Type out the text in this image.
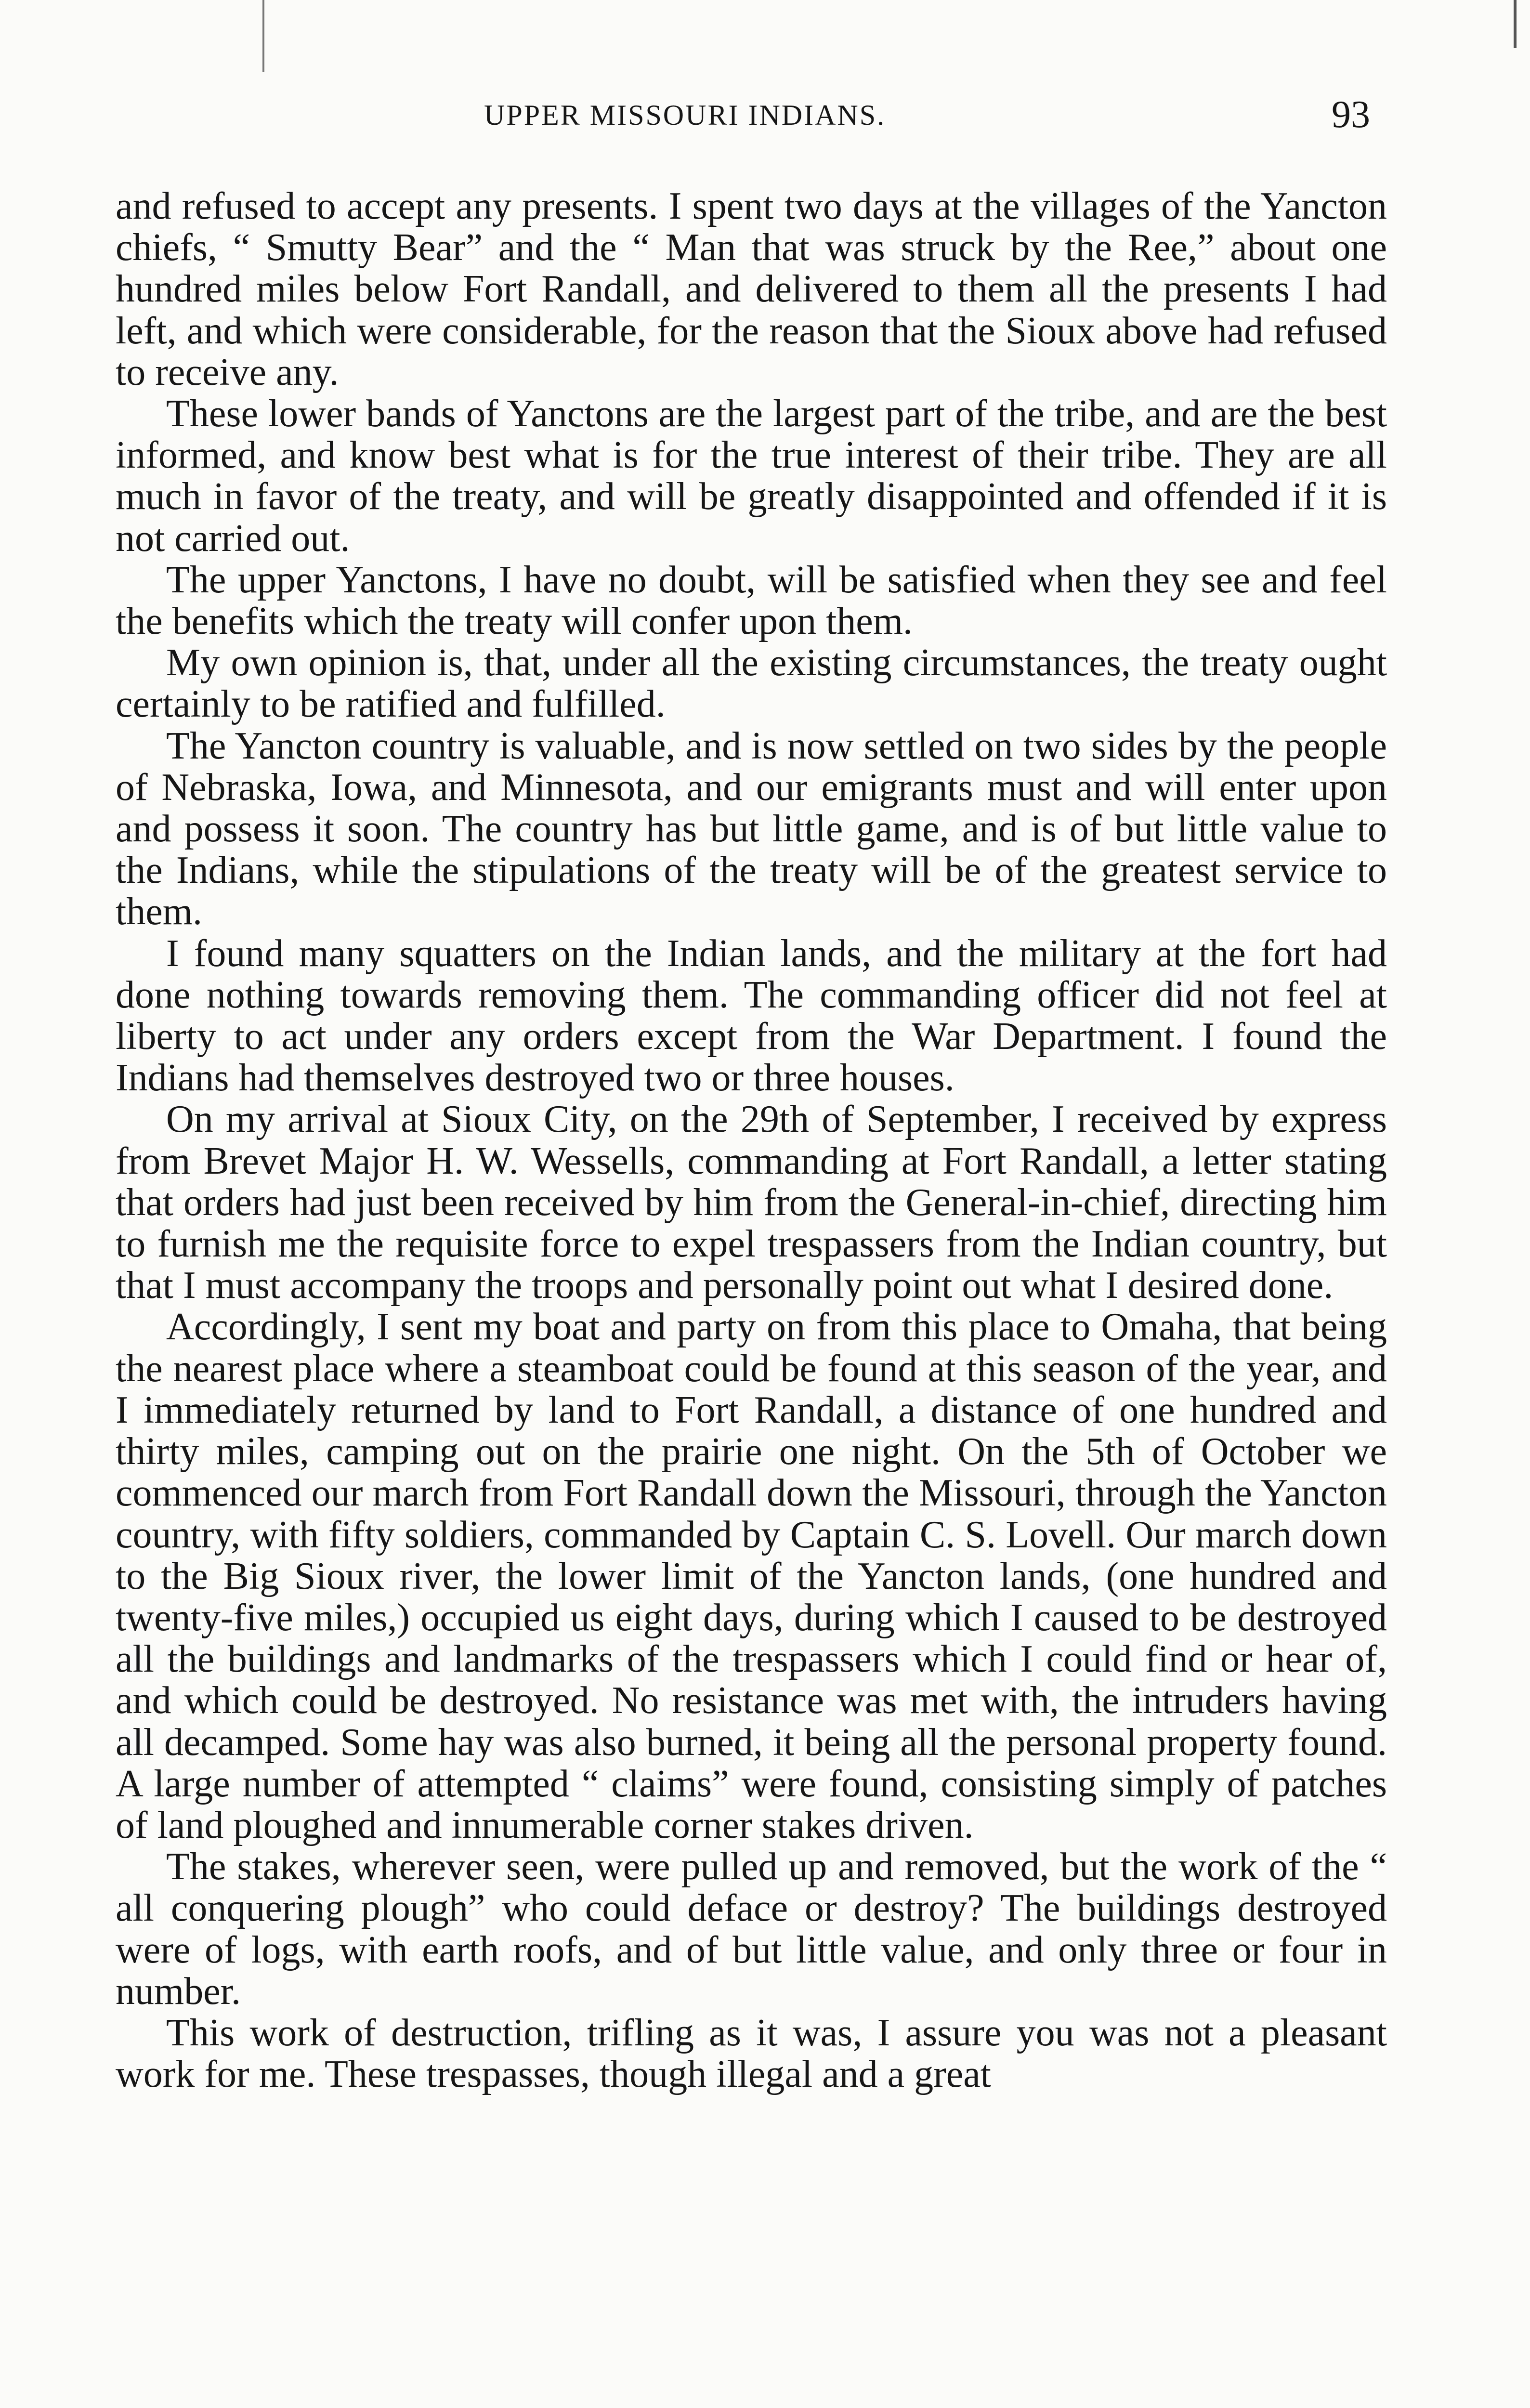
UPPER MISSOURI INDIANS.	93

and refused to accept any presents. I spent two days at the villages of the Yancton chiefs, “ Smutty Bear” and the “ Man that was struck by the Ree,” about one hundred miles below Fort Randall, and delivered to them all the presents I had left, and which were considerable, for the reason that the Sioux above had refused to receive any.

These lower bands of Yanctons are the largest part of the tribe, and are the best informed, and know best what is for the true interest of their tribe. They are all much in favor of the treaty, and will be greatly disappointed and offended if it is not carried out.

The upper Yanctons, I have no doubt, will be satisfied when they see and feel the benefits which the treaty will confer upon them.

My own opinion is, that, under all the existing circumstances, the treaty ought certainly to be ratified and fulfilled.

The Yancton country is valuable, and is now settled on two sides by the people of Nebraska, Iowa, and Minnesota, and our emigrants must and will enter upon and possess it soon. The country has but little game, and is of but little value to the Indians, while the stipulations of the treaty will be of the greatest service to them.

I found many squatters on the Indian lands, and the military at the fort had done nothing towards removing them. The commanding officer did not feel at liberty to act under any orders except from the War Department. I found the Indians had themselves destroyed two or three houses.

On my arrival at Sioux City, on the 29th of September, I received by express from Brevet Major H. W. Wessells, commanding at Fort Randall, a letter stating that orders had just been received by him from the General-in-chief, directing him to furnish me the requisite force to expel trespassers from the Indian country, but that I must accompany the troops and personally point out what I desired done.

Accordingly, I sent my boat and party on from this place to Omaha, that being the nearest place where a steamboat could be found at this season of the year, and I immediately returned by land to Fort Randall, a distance of one hundred and thirty miles, camping out on the prairie one night. On the 5th of October we commenced our march from Fort Randall down the Missouri, through the Yancton country, with fifty soldiers, commanded by Captain C. S. Lovell. Our march down to the Big Sioux river, the lower limit of the Yancton lands, (one hundred and twenty-five miles,) occupied us eight days, during which I caused to be destroyed all the buildings and landmarks of the trespassers which I could find or hear of, and which could be destroyed. No resistance was met with, the intruders having all decamped. Some hay was also burned, it being all the personal property found. A large number of attempted “ claims” were found, consisting simply of patches of land ploughed and innumerable corner stakes driven.

The stakes, wherever seen, were pulled up and removed, but the work of the “ all conquering plough” who could deface or destroy? The buildings destroyed were of logs, with earth roofs, and of but little value, and only three or four in number.

This work of destruction, trifling as it was, I assure you was not a pleasant work for me. These trespasses, though illegal and a great
